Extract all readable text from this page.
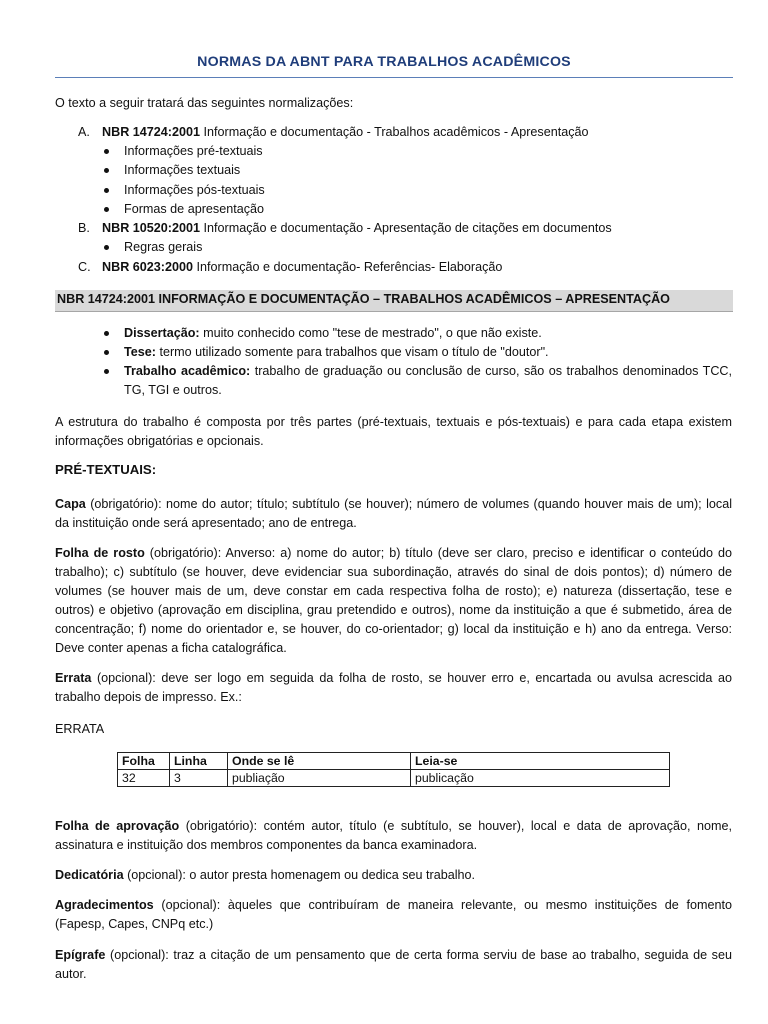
NORMAS DA ABNT PARA TRABALHOS ACADÊMICOS
O texto a seguir tratará das seguintes normalizações:
A. NBR 14724:2001 Informação e documentação - Trabalhos acadêmicos - Apresentação
Informações pré-textuais
Informações textuais
Informações pós-textuais
Formas de apresentação
B. NBR 10520:2001 Informação e documentação - Apresentação de citações em documentos
Regras gerais
C. NBR 6023:2000 Informação e documentação- Referências- Elaboração
NBR 14724:2001 INFORMAÇÃO E DOCUMENTAÇÃO – TRABALHOS ACADÊMICOS – APRESENTAÇÃO
Dissertação: muito conhecido como "tese de mestrado", o que não existe.
Tese: termo utilizado somente para trabalhos que visam o título de "doutor".
Trabalho acadêmico: trabalho de graduação ou conclusão de curso, são os trabalhos denominados TCC, TG, TGI e outros.
A estrutura do trabalho é composta por três partes (pré-textuais, textuais e pós-textuais) e para cada etapa existem informações obrigatórias e opcionais.
PRÉ-TEXTUAIS:
Capa (obrigatório): nome do autor; título; subtítulo (se houver); número de volumes (quando houver mais de um); local da instituição onde será apresentado; ano de entrega.
Folha de rosto (obrigatório): Anverso: a) nome do autor; b) título (deve ser claro, preciso e identificar o conteúdo do trabalho); c) subtítulo (se houver, deve evidenciar sua subordinação, através do sinal de dois pontos); d) número de volumes (se houver mais de um, deve constar em cada respectiva folha de rosto); e) natureza (dissertação, tese e outros) e objetivo (aprovação em disciplina, grau pretendido e outros), nome da instituição a que é submetido, área de concentração; f) nome do orientador e, se houver, do co-orientador; g) local da instituição e h) ano da entrega. Verso: Deve conter apenas a ficha catalográfica.
Errata (opcional): deve ser logo em seguida da folha de rosto, se houver erro e, encartada ou avulsa acrescida ao trabalho depois de impresso. Ex.:
ERRATA
Folha	Linha	Onde se lê	Leia-se
32	3	publiação	publicação
Folha de aprovação (obrigatório): contém autor, título (e subtítulo, se houver), local e data de aprovação, nome, assinatura e instituição dos membros componentes da banca examinadora.
Dedicatória (opcional): o autor presta homenagem ou dedica seu trabalho.
Agradecimentos (opcional): àqueles que contribuíram de maneira relevante, ou mesmo instituições de fomento (Fapesp, Capes, CNPq etc.)
Epígrafe (opcional): traz a citação de um pensamento que de certa forma serviu de base ao trabalho, seguida de seu autor.
